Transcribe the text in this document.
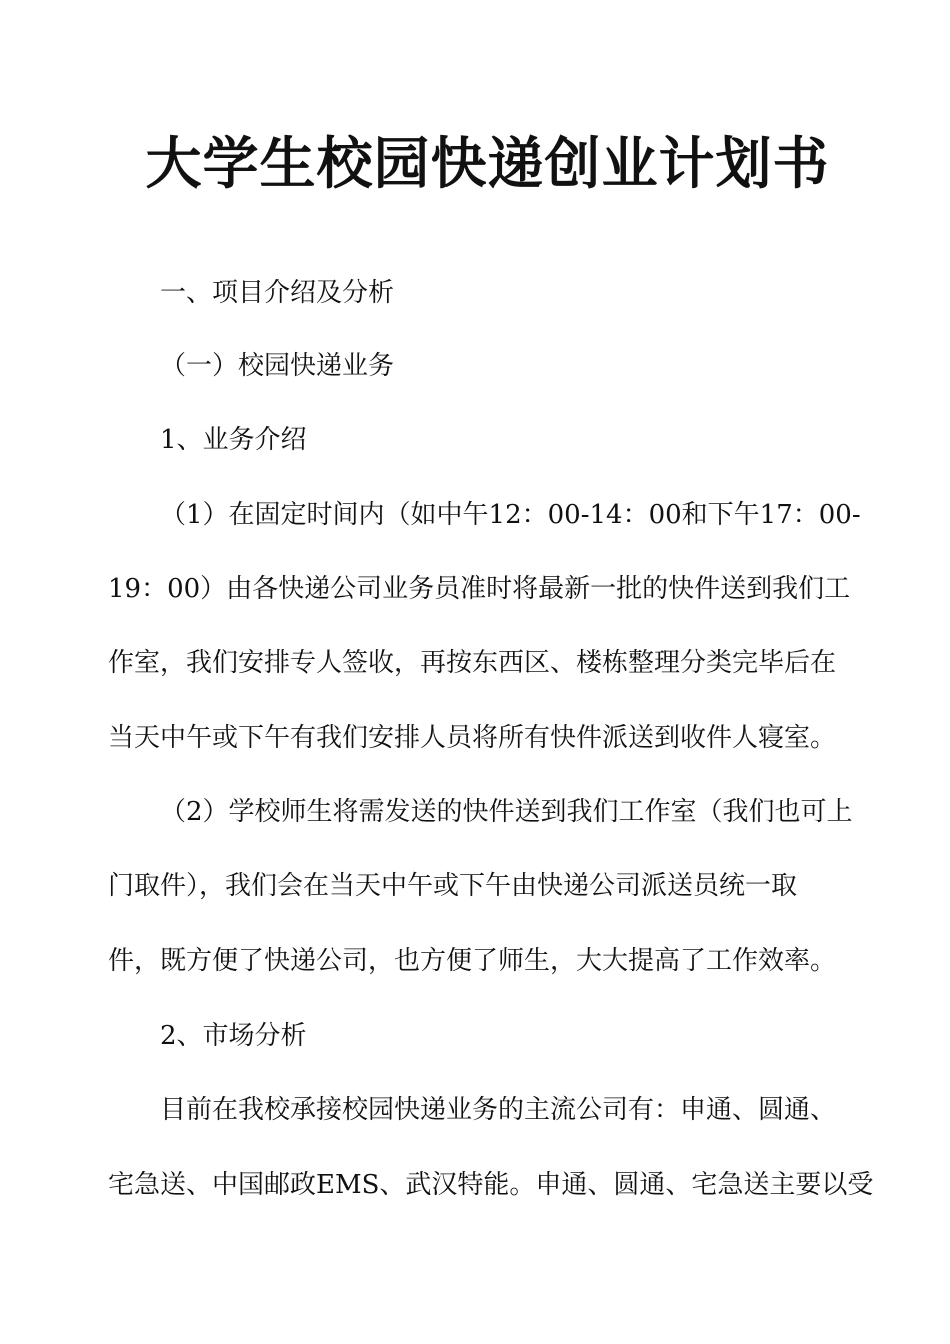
大学生校园快递创业计划书
一、项目介绍及分析
（一）校园快递业务
1、业务介绍
（1）在固定时间内（如中午12：00-14：00和下午17：00-
19：00）由各快递公司业务员准时将最新一批的快件送到我们工
作室，我们安排专人签收，再按东西区、楼栋整理分类完毕后在
当天中午或下午有我们安排人员将所有快件派送到收件人寝室。
（2）学校师生将需发送的快件送到我们工作室（我们也可上
门取件），我们会在当天中午或下午由快递公司派送员统一取
件，既方便了快递公司，也方便了师生，大大提高了工作效率。
2、市场分析
目前在我校承接校园快递业务的主流公司有：申通、圆通、
宅急送、中国邮政EMS、武汉特能。申通、圆通、宅急送主要以受
